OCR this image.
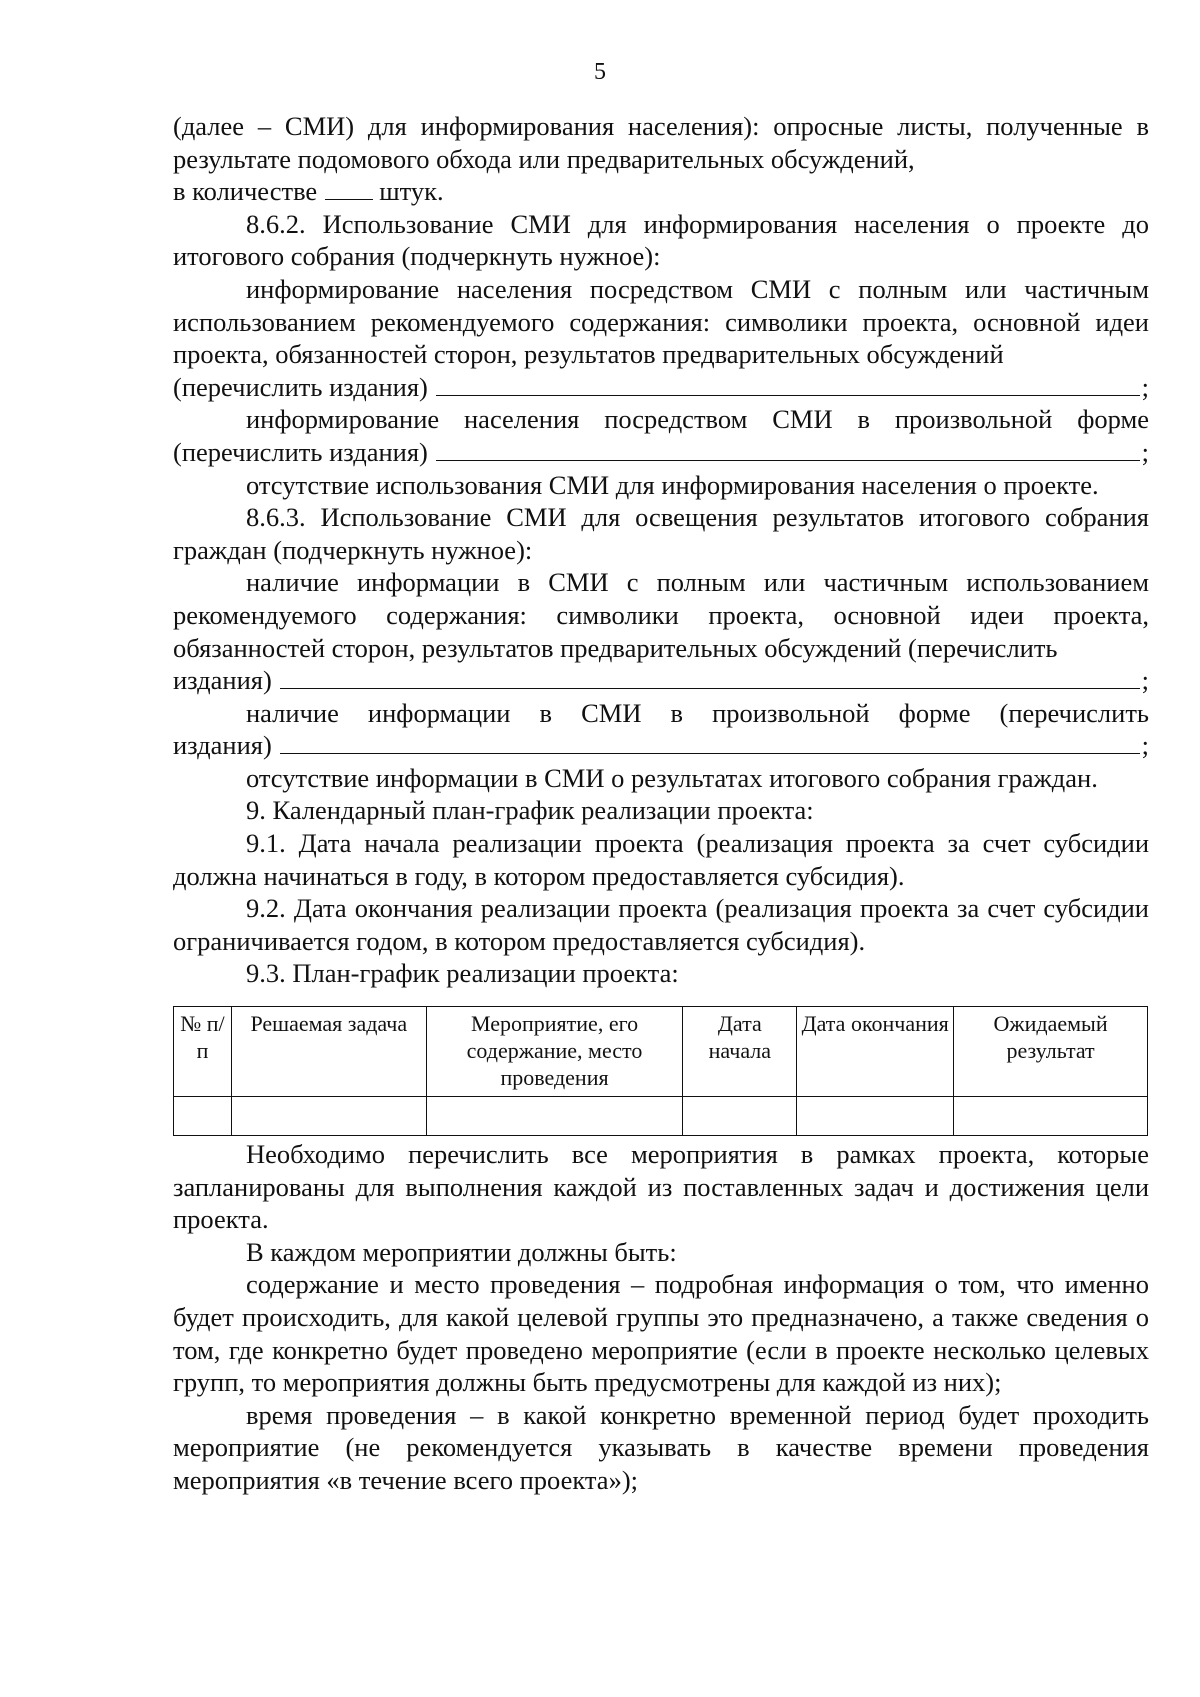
5

(далее – СМИ) для информирования населения): опросные листы, полученные в результате подомового обхода или предварительных обсуждений,

в количестве штук.

8.6.2. Использование СМИ для информирования населения о проекте до итогового собрания (подчеркнуть нужное):

информирование населения посредством СМИ с полным или частичным использованием рекомендуемого содержания: символики проекта, основной идеи проекта, обязанностей сторон, результатов предварительных обсуждений

(перечислить издания)	;

информирование населения посредством СМИ в произвольной форме

(перечислить издания)	;

отсутствие использования СМИ для информирования населения о проекте.

8.6.3. Использование СМИ для освещения результатов итогового собрания граждан (подчеркнуть нужное):

наличие информации в СМИ с полным или частичным использованием рекомендуемого содержания: символики проекта, основной идеи проекта, обязанностей сторон, результатов предварительных обсуждений (перечислить

издания)	;

наличие информации в СМИ в произвольной форме (перечислить

издания)	;

отсутствие информации в СМИ о результатах итогового собрания граждан.

9. Календарный план-график реализации проекта:

9.1. Дата начала реализации проекта (реализация проекта за счет субсидии должна начинаться в году, в котором предоставляется субсидия).

9.2. Дата окончания реализации проекта (реализация проекта за счет субсидии ограничивается годом, в котором предоставляется субсидия).

9.3. План-график реализации проекта:

№ п/п	Решаемая задача	Мероприятие, его содержание, место проведения	Дата начала	Дата окончания	Ожидаемый результат

Необходимо перечислить все мероприятия в рамках проекта, которые запланированы для выполнения каждой из поставленных задач и достижения цели проекта.

В каждом мероприятии должны быть:

содержание и место проведения – подробная информация о том, что именно будет происходить, для какой целевой группы это предназначено, а также сведения о том, где конкретно будет проведено мероприятие (если в проекте несколько целевых групп, то мероприятия должны быть предусмотрены для каждой из них);

время проведения – в какой конкретно временной период будет проходить мероприятие (не рекомендуется указывать в качестве времени проведения мероприятия «в течение всего проекта»);
